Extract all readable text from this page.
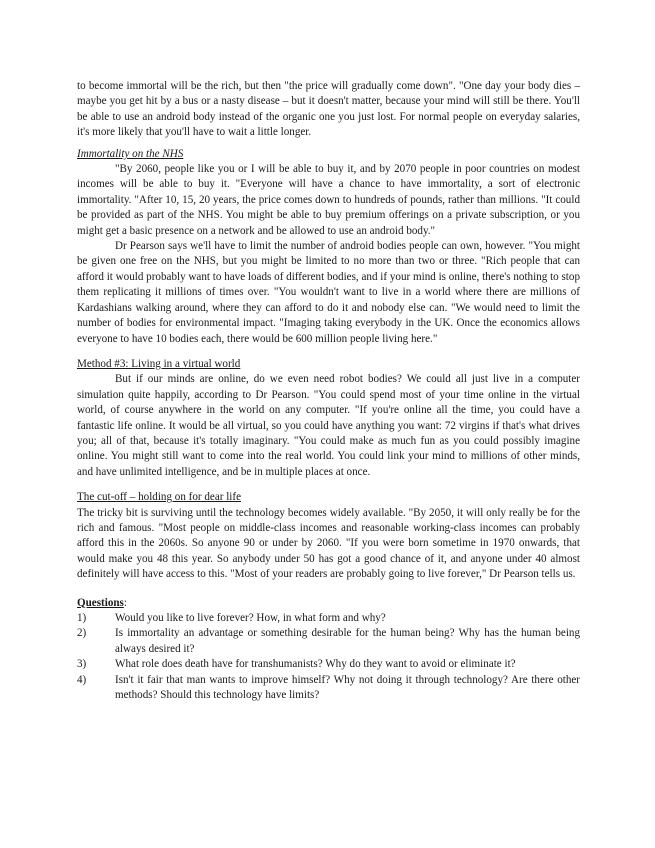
to become immortal will be the rich, but then "the price will gradually come down". "One day your body dies – maybe you get hit by a bus or a nasty disease – but it doesn't matter, because your mind will still be there. You'll be able to use an android body instead of the organic one you just lost. For normal people on everyday salaries, it's more likely that you'll have to wait a little longer.

Immortality on the NHS

"By 2060, people like you or I will be able to buy it, and by 2070 people in poor countries on modest incomes will be able to buy it. "Everyone will have a chance to have immortality, a sort of electronic immortality. "After 10, 15, 20 years, the price comes down to hundreds of pounds, rather than millions. "It could be provided as part of the NHS. You might be able to buy premium offerings on a private subscription, or you might get a basic presence on a network and be allowed to use an android body."

Dr Pearson says we'll have to limit the number of android bodies people can own, however. "You might be given one free on the NHS, but you might be limited to no more than two or three. "Rich people that can afford it would probably want to have loads of different bodies, and if your mind is online, there's nothing to stop them replicating it millions of times over. "You wouldn't want to live in a world where there are millions of Kardashians walking around, where they can afford to do it and nobody else can. "We would need to limit the number of bodies for environmental impact. "Imaging taking everybody in the UK. Once the economics allows everyone to have 10 bodies each, there would be 600 million people living here."

Method #3: Living in a virtual world

But if our minds are online, do we even need robot bodies? We could all just live in a computer simulation quite happily, according to Dr Pearson. "You could spend most of your time online in the virtual world, of course anywhere in the world on any computer. "If you're online all the time, you could have a fantastic life online. It would be all virtual, so you could have anything you want: 72 virgins if that's what drives you; all of that, because it's totally imaginary. "You could make as much fun as you could possibly imagine online. You might still want to come into the real world. You could link your mind to millions of other minds, and have unlimited intelligence, and be in multiple places at once.

The cut-off – holding on for dear life

The tricky bit is surviving until the technology becomes widely available. "By 2050, it will only really be for the rich and famous. "Most people on middle-class incomes and reasonable working-class incomes can probably afford this in the 2060s. So anyone 90 or under by 2060. "If you were born sometime in 1970 onwards, that would make you 48 this year. So anybody under 50 has got a good chance of it, and anyone under 40 almost definitely will have access to this. "Most of your readers are probably going to live forever," Dr Pearson tells us.

Questions:

1)	Would you like to live forever? How, in what form and why?
2)	Is immortality an advantage or something desirable for the human being? Why has the human being always desired it?
3)	What role does death have for transhumanists? Why do they want to avoid or eliminate it?
4)	Isn't it fair that man wants to improve himself? Why not doing it through technology? Are there other methods? Should this technology have limits?
